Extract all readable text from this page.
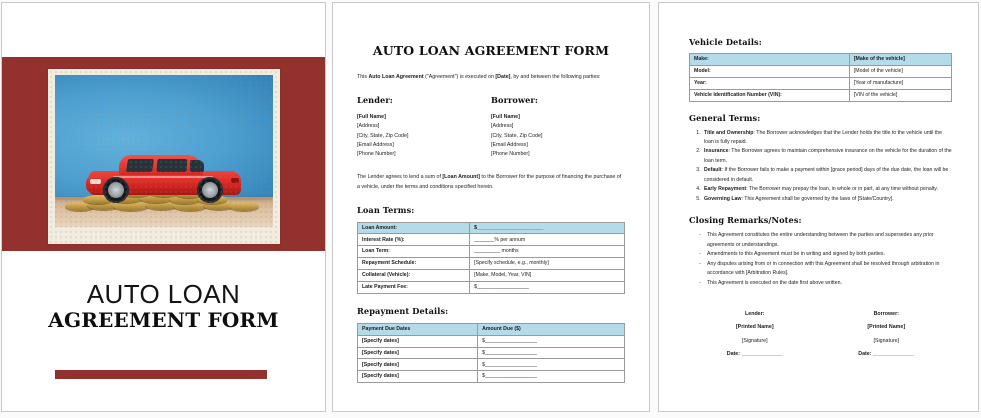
AUTO LOAN
AGREEMENT FORM
AUTO LOAN AGREEMENT FORM

This Auto Loan Agreement ("Agreement") is executed on [Date], by and between the following parties:

Lender:
[Full Name]
[Address]
[City, State, Zip Code]
[Email Address]
[Phone Number]
Borrower:
[Full Name]
[Address]
[City, State, Zip Code]
[Email Address]
[Phone Number]

The Lender agrees to lend a sum of [Loan Amount] to the Borrower for the purpose of financing the purchase of a vehicle, under the terms and conditions specified herein.

Loan Terms:
Loan Amount:	$_______________________
Interest Rate (%):	_______% per annum
Loan Term:	_________ months
Repayment Schedule:	[Specify schedule, e.g., monthly]
Collateral (Vehicle):	[Make, Model, Year, VIN]
Late Payment Fee:	$__________________
Repayment Details:
Payment Due Dates	Amount Due ($)
[Specify dates]	$__________________
[Specify dates]	$__________________
[Specify dates]	$__________________
[Specify dates]	$__________________
Vehicle Details:
Make:	[Make of the vehicle]
Model:	[Model of the vehicle]
Year:	[Year of manufacture]
Vehicle Identification Number (VIN):	[VIN of the vehicle]
General Terms:
1. Title and Ownership: The Borrower acknowledges that the Lender holds the title to the vehicle until the loan is fully repaid.
2. Insurance: The Borrower agrees to maintain comprehensive insurance on the vehicle for the duration of the loan term.
3. Default: If the Borrower fails to make a payment within [grace period] days of the due date, the loan will be considered in default.
4. Early Repayment: The Borrower may prepay the loan, in whole or in part, at any time without penalty.
5. Governing Law: This Agreement shall be governed by the laws of [State/Country].
Closing Remarks/Notes:
- This Agreement constitutes the entire understanding between the parties and supersedes any prior agreements or understandings.
- Amendments to this Agreement must be in writing and signed by both parties.
- Any disputes arising from or in connection with this Agreement shall be resolved through arbitration in accordance with [Arbitration Rules].
- This Agreement is executed on the date first above written.
Lender:
[Printed Name]
[Signature]
Date: ______________
Borrower:
[Printed Name]
[Signature]
Date: ______________
